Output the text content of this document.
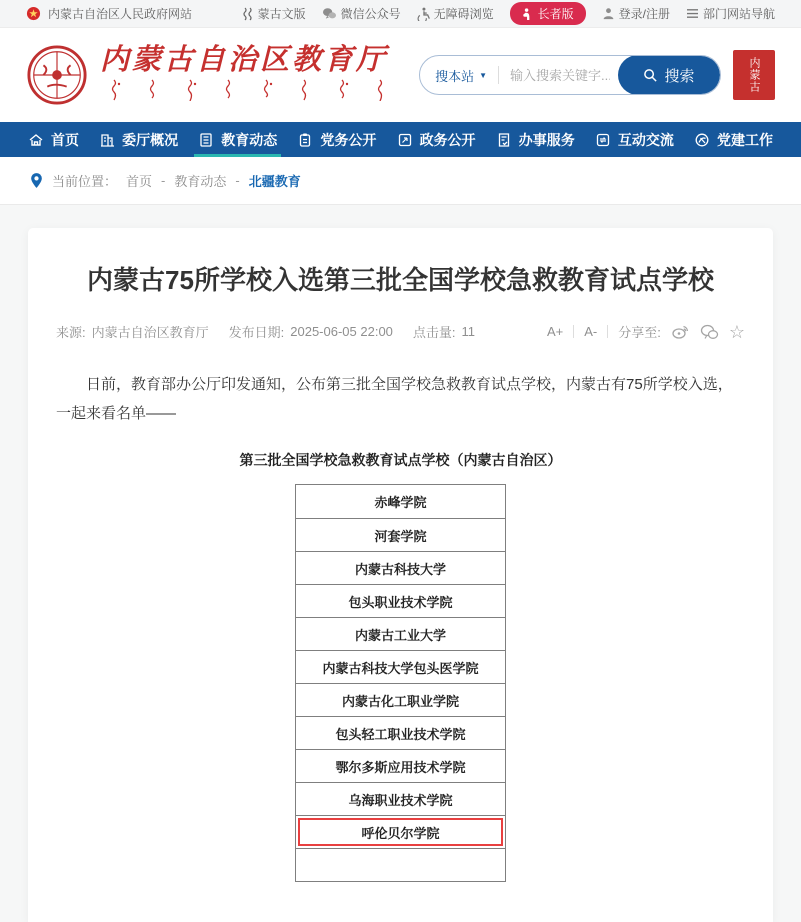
内蒙古自治区人民政府网站	蒙古文版	微信公众号	无障碍浏览	长者版	登录/注册	部门网站导航
内蒙古自治区教育厅
搜本站 ▼
输入搜索关键字...	搜索	内蒙古
首页	委厅概况	教育动态	党务公开	政务公开	办事服务	互动交流	党建工作
当前位置： 首页 - 教育动态 - 北疆教育
内蒙古75所学校入选第三批全国学校急救教育试点学校
来源: 内蒙古自治区教育厅 发布日期: 2025-06-05 22:00 点击量: 11	A+ A- 分享至:	☆

日前，教育部办公厅印发通知，公布第三批全国学校急救教育试点学校，内蒙古有75所学校入选，一起来看名单——

第三批全国学校急救教育试点学校（内蒙古自治区）
赤峰学院
河套学院
内蒙古科技大学
包头职业技术学院
内蒙古工业大学
内蒙古科技大学包头医学院
内蒙古化工职业学院
包头轻工职业技术学院
鄂尔多斯应用技术学院
乌海职业技术学院
呼伦贝尔学院
